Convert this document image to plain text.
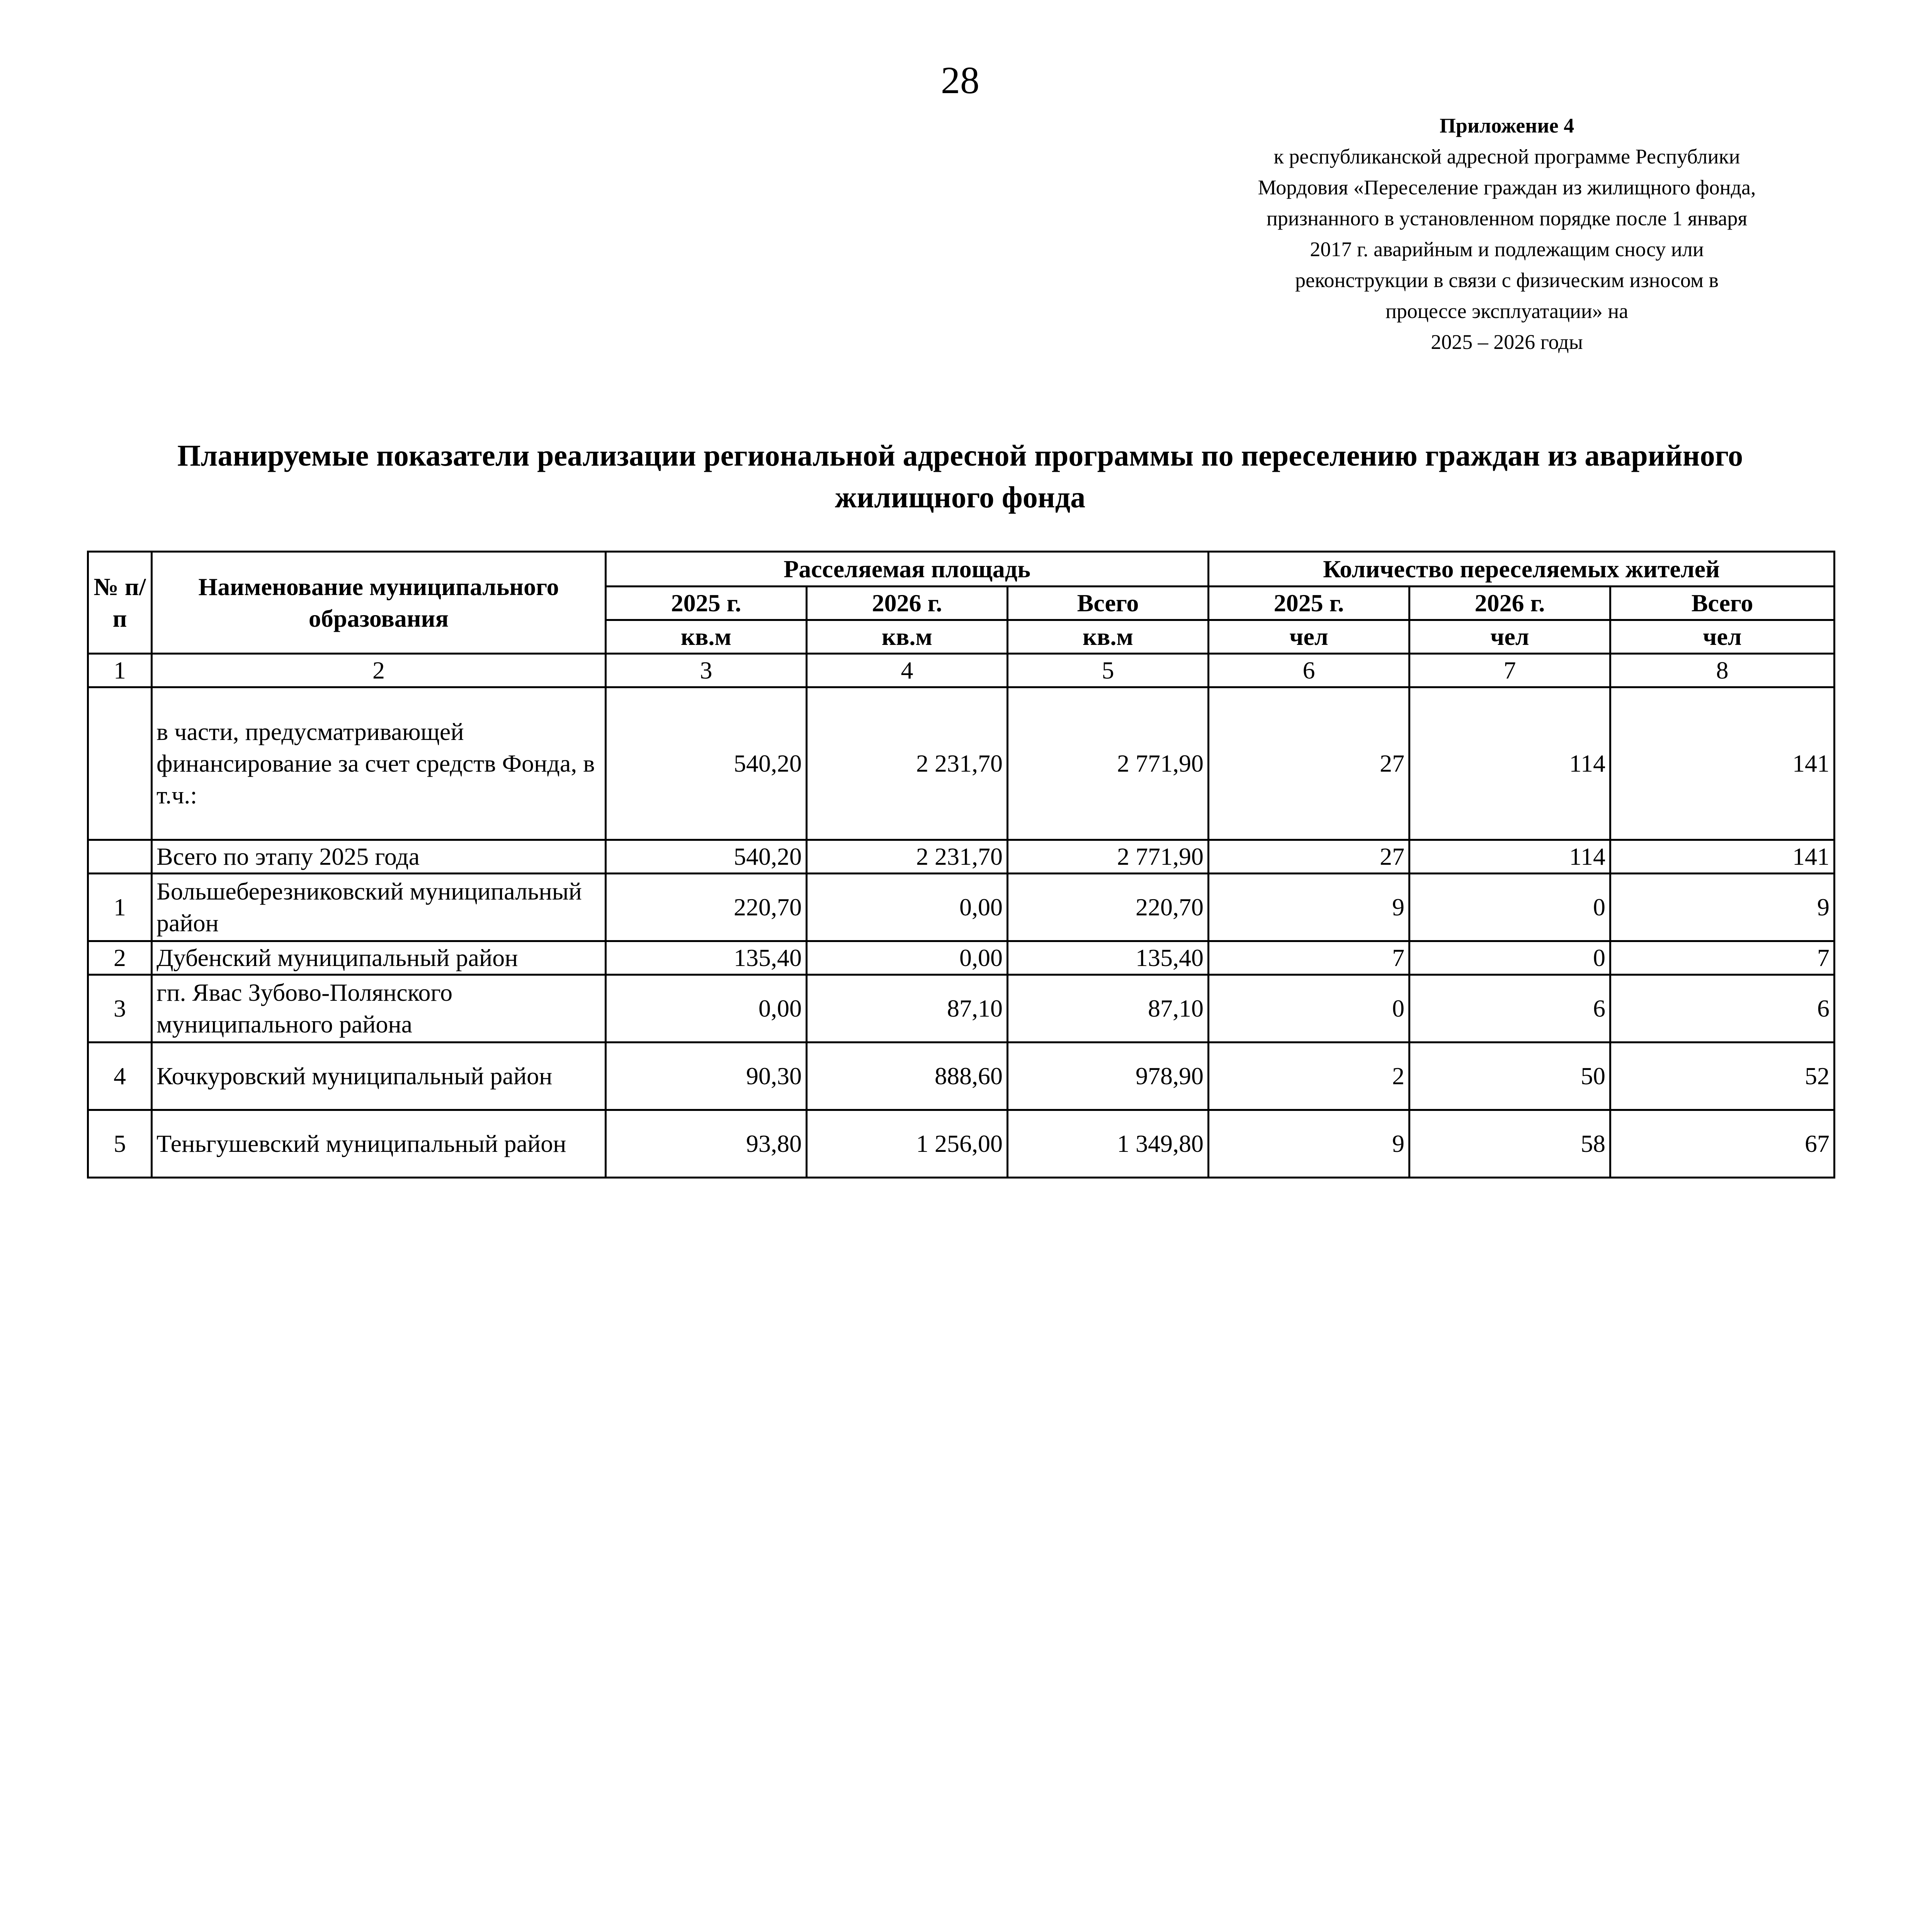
28
Приложение 4
к республиканской адресной программе Республики
Мордовия «Переселение граждан из жилищного фонда,
признанного в установленном порядке после 1 января
2017 г. аварийным и подлежащим сносу или
реконструкции в связи с физическим износом в
процессе эксплуатации» на
2025 – 2026 годы
Планируемые показатели реализации региональной адресной программы по переселению граждан из аварийного
жилищного фонда
№ п/п	Наименование муниципального образования	Расселяемая площадь			Количество переселяемых жителей		
		2025 г.	2026 г.	Всего	2025 г.	2026 г.	Всего
		кв.м	кв.м	кв.м	чел	чел	чел
1	2	3	4	5	6	7	8
	в части, предусматривающей финансирование за счет средств Фонда, в т.ч.:	540,20	2 231,70	2 771,90	27	114	141
	Всего по этапу 2025 года	540,20	2 231,70	2 771,90	27	114	141
1	Большеберезниковский муниципальный район	220,70	0,00	220,70	9	0	9
2	Дубенский муниципальный район	135,40	0,00	135,40	7	0	7
3	гп. Явас Зубово-Полянского муниципального района	0,00	87,10	87,10	0	6	6
4	Кочкуровский муниципальный район	90,30	888,60	978,90	2	50	52
5	Теньгушевский муниципальный район	93,80	1 256,00	1 349,80	9	58	67
